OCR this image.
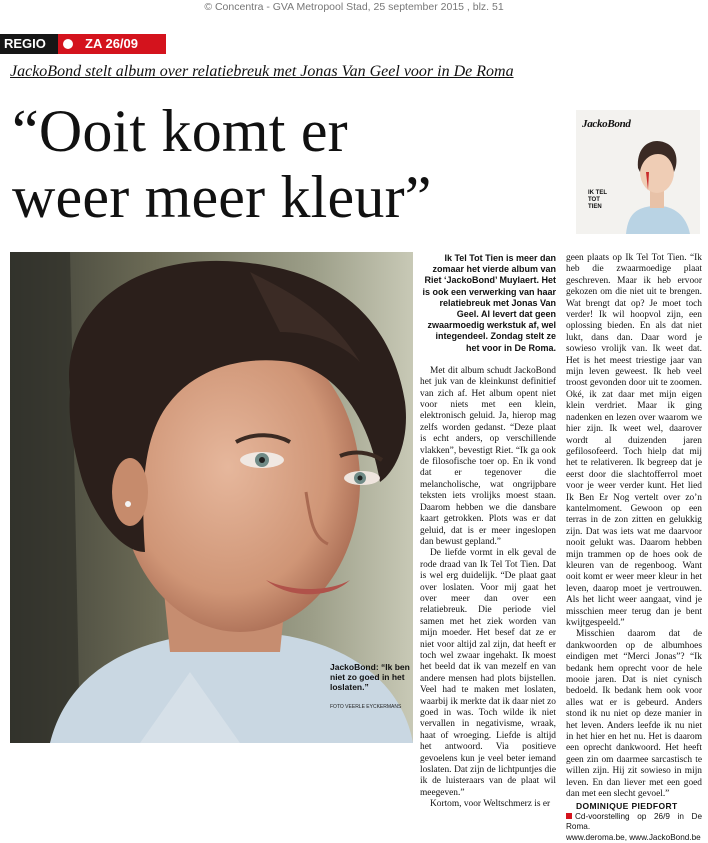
© Concentra - GVA Metropool Stad, 25 september 2015 , blz. 51
REGIO	ZA 26/09
JackoBond stelt album over relatiebreuk met Jonas Van Geel voor in De Roma
“Ooit komt er
weer meer kleur”
JackoBond
IK TEL TOT TIEN
JackoBond: “Ik ben niet zo goed in het loslaten.”
FOTO VEERLE EYCKERMANS

Ik Tel Tot Tien is meer dan zomaar het vierde album van Riet ‘JackoBond’ Muylaert. Het is ook een verwerking van haar relatiebreuk met Jonas Van Geel. Al levert dat geen zwaarmoedig werkstuk af, wel integendeel. Zondag stelt ze het voor in De Roma.

Met dit album schudt JackoBond het juk van de kleinkunst definitief van zich af. Het album opent niet voor niets met een klein, elektronisch geluid. Ja, hierop mag zelfs worden gedanst. “Deze plaat is echt anders, op verschillende vlakken”, bevestigt Riet. “Ik ga ook de filosofische toer op. En ik vond dat er tegenover die melancholische, wat ongrijpbare teksten iets vrolijks moest staan. Daarom hebben we die dansbare kaart getrokken. Plots was er dat geluid, dat is er meer ingeslopen dan bewust gepland.”

De liefde vormt in elk geval de rode draad van Ik Tel Tot Tien. Dat is wel erg duidelijk. “De plaat gaat over loslaten. Voor mij gaat het over meer dan over een relatiebreuk. Die periode viel samen met het ziek worden van mijn moeder. Het besef dat ze er niet voor altijd zal zijn, dat heeft er toch wel zwaar ingehakt. Ik moest het beeld dat ik van mezelf en van andere mensen had plots bijstellen. Veel had te maken met loslaten, waarbij ik merkte dat ik daar niet zo goed in was. Toch wilde ik niet vervallen in negativisme, wraak, haat of wroeging. Liefde is altijd het antwoord. Via positieve gevoelens kun je veel beter iemand loslaten. Dat zijn de lichtpuntjes die ik de luisteraars van de plaat wil meegeven.”

Kortom, voor Weltschmerz is er

geen plaats op Ik Tel Tot Tien. “Ik heb die zwaarmoedige plaat geschreven. Maar ik heb ervoor gekozen om die niet uit te brengen. Wat brengt dat op? Je moet toch verder! Ik wil hoopvol zijn, een oplossing bieden. En als dat niet lukt, dans dan. Daar word je sowieso vrolijk van. Ik weet dat. Het is het meest triestige jaar van mijn leven geweest. Ik heb veel troost gevonden door uit te zoomen. Oké, ik zat daar met mijn eigen klein verdriet. Maar ik ging nadenken en lezen over waarom we hier zijn. Ik weet wel, daarover wordt al duizenden jaren gefilosofeerd. Toch hielp dat mij het te relativeren. Ik begreep dat je eerst door die slachtofferrol moet voor je weer verder kunt. Het lied Ik Ben Er Nog vertelt over zo’n kantelmoment. Gewoon op een terras in de zon zitten en gelukkig zijn. Dat was iets wat me daarvoor nooit gelukt was. Daarom hebben mijn trammen op de hoes ook de kleuren van de regenboog. Want ooit komt er weer meer kleur in het leven, daarop moet je vertrouwen. Als het licht weer aangaat, vind je misschien meer terug dan je bent kwijtgespeeld.”

Misschien daarom dat de dankwoorden op de albumhoes eindigen met “Merci Jonas”? “Ik bedank hem oprecht voor de hele mooie jaren. Dat is niet cynisch bedoeld. Ik bedank hem ook voor alles wat er is gebeurd. Anders stond ik nu niet op deze manier in het leven. Anders leefde ik nu niet in het hier en het nu. Het is daarom een oprecht dankwoord. Het heeft geen zin om daarmee sarcastisch te willen zijn. Hij zit sowieso in mijn leven. En dan liever met een goed dan met een slecht gevoel.”

DOMINIQUE PIEDFORT

Cd-voorstelling op 26/9 in De Roma.
www.deroma.be, www.JackoBond.be
